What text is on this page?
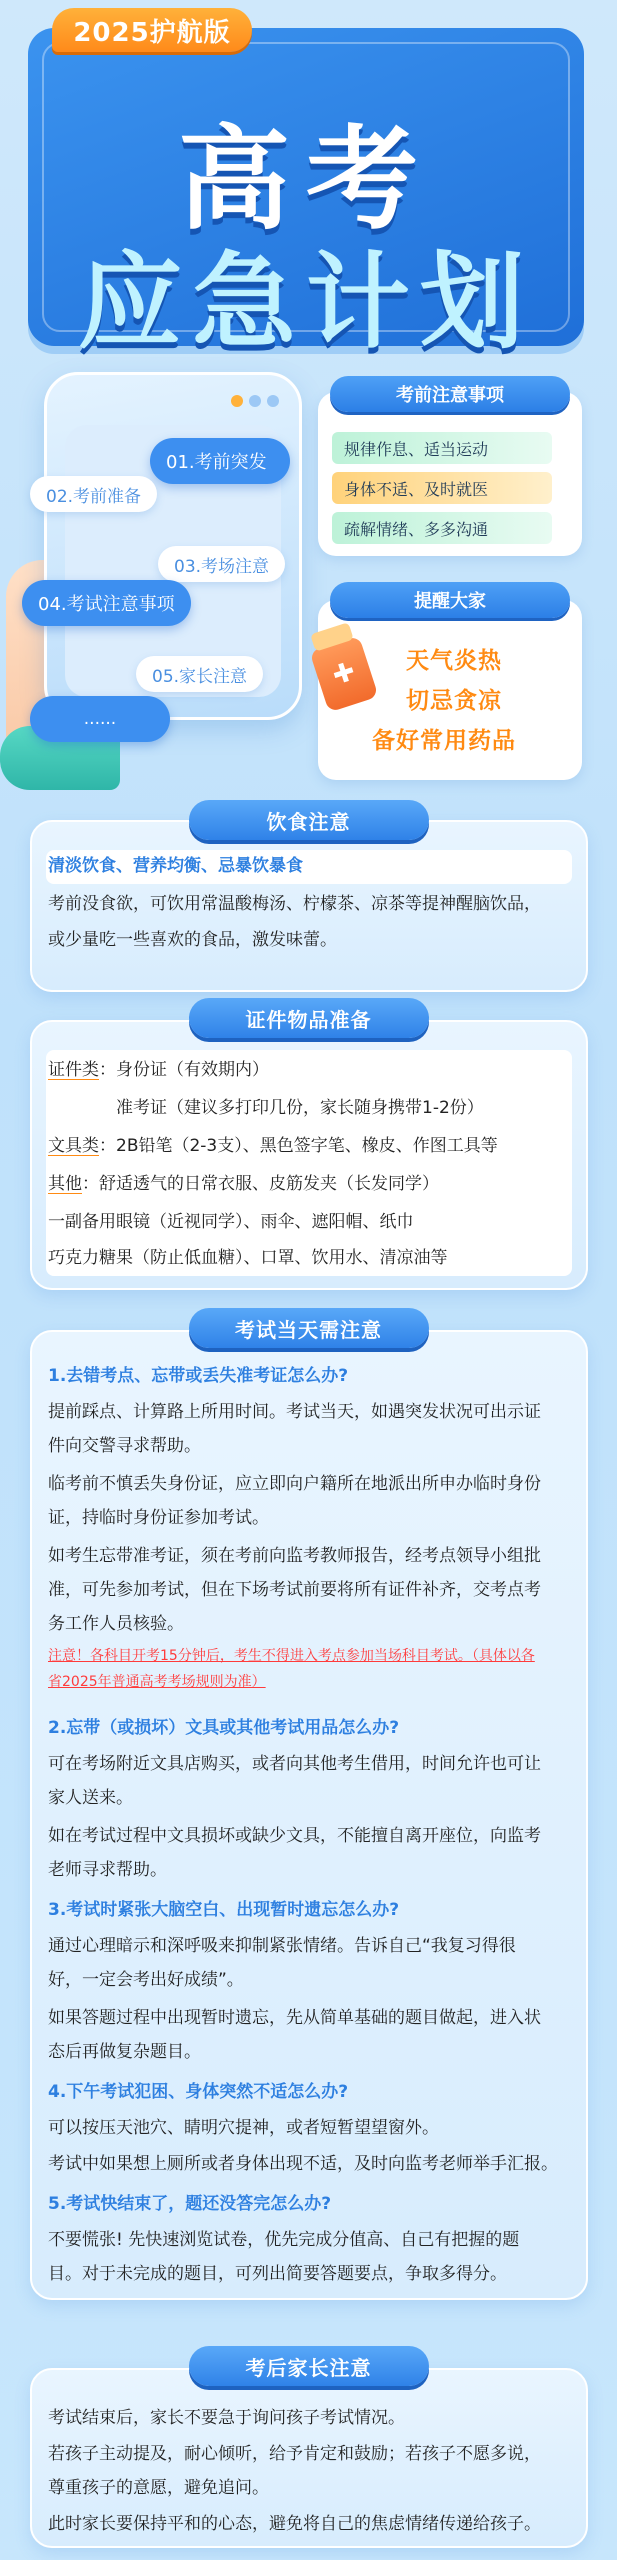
高考
应急计划
2025护航版
01.考前突发
02.考前准备
03.考场注意
04.考试注意事项
05.家长注意
......
规律作息、适当运动
身体不适、及时就医
疏解情绪、多多沟通
考前注意事项
天气炎热
切忌贪凉
备好常用药品
提醒大家
✚
清淡饮食、营养均衡、忌暴饮暴食
考前没食欲，可饮用常温酸梅汤、柠檬茶、凉茶等提神醒脑饮品，
或少量吃一些喜欢的食品，激发味蕾。
饮食注意
证件类：身份证（有效期内）
准考证（建议多打印几份，家长随身携带1-2份）
文具类：2B铅笔（2-3支）、黑色签字笔、橡皮、作图工具等
其他：舒适透气的日常衣服、皮筋发夹（长发同学）
一副备用眼镜（近视同学）、雨伞、遮阳帽、纸巾
巧克力糖果（防止低血糖）、口罩、饮用水、清凉油等
证件物品准备
1.去错考点、忘带或丢失准考证怎么办?
提前踩点、计算路上所用时间。考试当天，如遇突发状况可出示证
件向交警寻求帮助。
临考前不慎丢失身份证，应立即向户籍所在地派出所申办临时身份
证，持临时身份证参加考试。
如考生忘带准考证，须在考前向监考教师报告，经考点领导小组批
准，可先参加考试，但在下场考试前要将所有证件补齐，交考点考
务工作人员核验。
注意！各科目开考15分钟后，考生不得进入考点参加当场科目考试。（具体以各
省2025年普通高考考场规则为准）
2.忘带（或损坏）文具或其他考试用品怎么办?
可在考场附近文具店购买，或者向其他考生借用，时间允许也可让
家人送来。
如在考试过程中文具损坏或缺少文具，不能擅自离开座位，向监考
老师寻求帮助。
3.考试时紧张大脑空白、出现暂时遗忘怎么办?
通过心理暗示和深呼吸来抑制紧张情绪。告诉自己“我复习得很
好，一定会考出好成绩”。
如果答题过程中出现暂时遗忘，先从简单基础的题目做起，进入状
态后再做复杂题目。
4.下午考试犯困、身体突然不适怎么办?
可以按压天池穴、睛明穴提神，或者短暂望望窗外。
考试中如果想上厕所或者身体出现不适，及时向监考老师举手汇报。
5.考试快结束了，题还没答完怎么办?
不要慌张! 先快速浏览试卷，优先完成分值高、自己有把握的题
目。对于未完成的题目，可列出简要答题要点，争取多得分。
考试当天需注意
考试结束后，家长不要急于询问孩子考试情况。
若孩子主动提及，耐心倾听，给予肯定和鼓励；若孩子不愿多说，
尊重孩子的意愿，避免追问。
此时家长要保持平和的心态，避免将自己的焦虑情绪传递给孩子。
考后家长注意
